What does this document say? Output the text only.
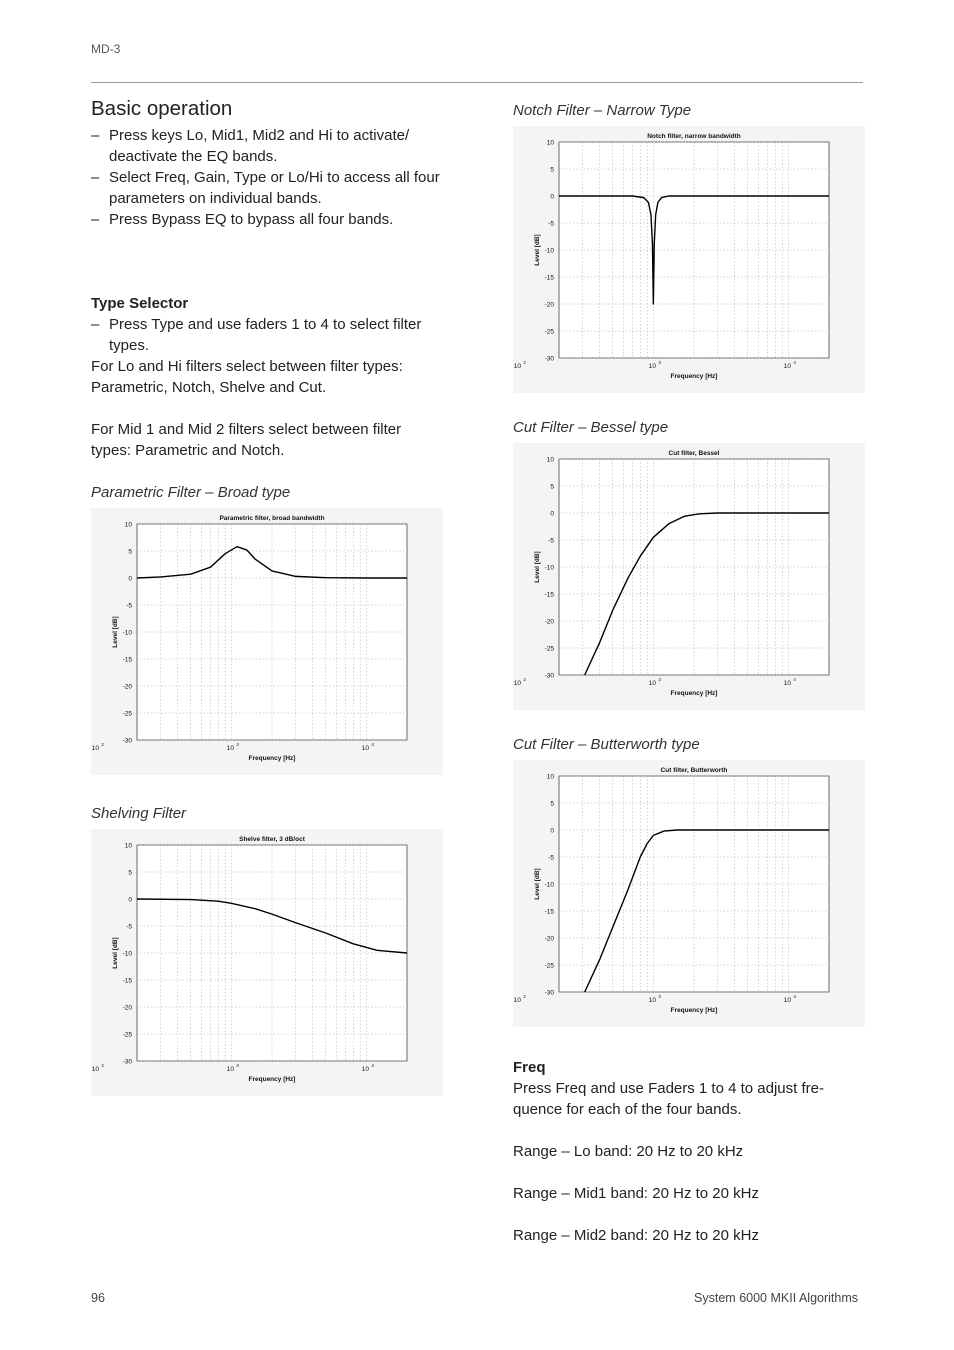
MD-3
Basic operation
– Press keys Lo, Mid1, Mid2 and Hi to activate/ deactivate the EQ bands.
– Select Freq, Gain, Type or Lo/Hi to access all four parameters on individual bands.
– Press Bypass EQ to bypass all four bands.
Type Selector
– Press Type and use faders 1 to 4 to select filter types.

For Lo and Hi filters select between filter types: Parametric, Notch, Shelve and Cut.

For Mid 1 and Mid 2 filters select between filter types: Parametric and Notch.

Parametric Filter – Broad type

10
5
0
-5
-10
-15
-20
-25
-30
10
2
10
3
10
4
Parametric filter, broad bandwidth
Frequency [Hz]
Level [dB]

Shelving Filter

10
5
0
-5
-10
-15
-20
-25
-30
10
2
10
3
10
4
Shelve filter, 3 dB/oct
Frequency [Hz]
Level [dB]

Notch Filter – Narrow Type

10
5
0
-5
-10
-15
-20
-25
-30
10
2
10
3
10
4
Notch filter, narrow bandwidth
Frequency [Hz]
Level [dB]

Cut Filter – Bessel type

10
5
0
-5
-10
-15
-20
-25
-30
10
2
10
3
10
4
Cut filter, Bessel
Frequency [Hz]
Level [dB]

Cut Filter – Butterworth type

10
5
0
-5
-10
-15
-20
-25
-30
10
2
10
3
10
4
Cut filter, Butterworth
Frequency [Hz]
Level [dB]
Freq

Press Freq and use Faders 1 to 4 to adjust fre- quence for each of the four bands.

Range – Lo band: 20 Hz to 20 kHz

Range – Mid1 band: 20 Hz to 20 kHz

Range – Mid2 band: 20 Hz to 20 kHz

96	System 6000 MKII Algorithms
